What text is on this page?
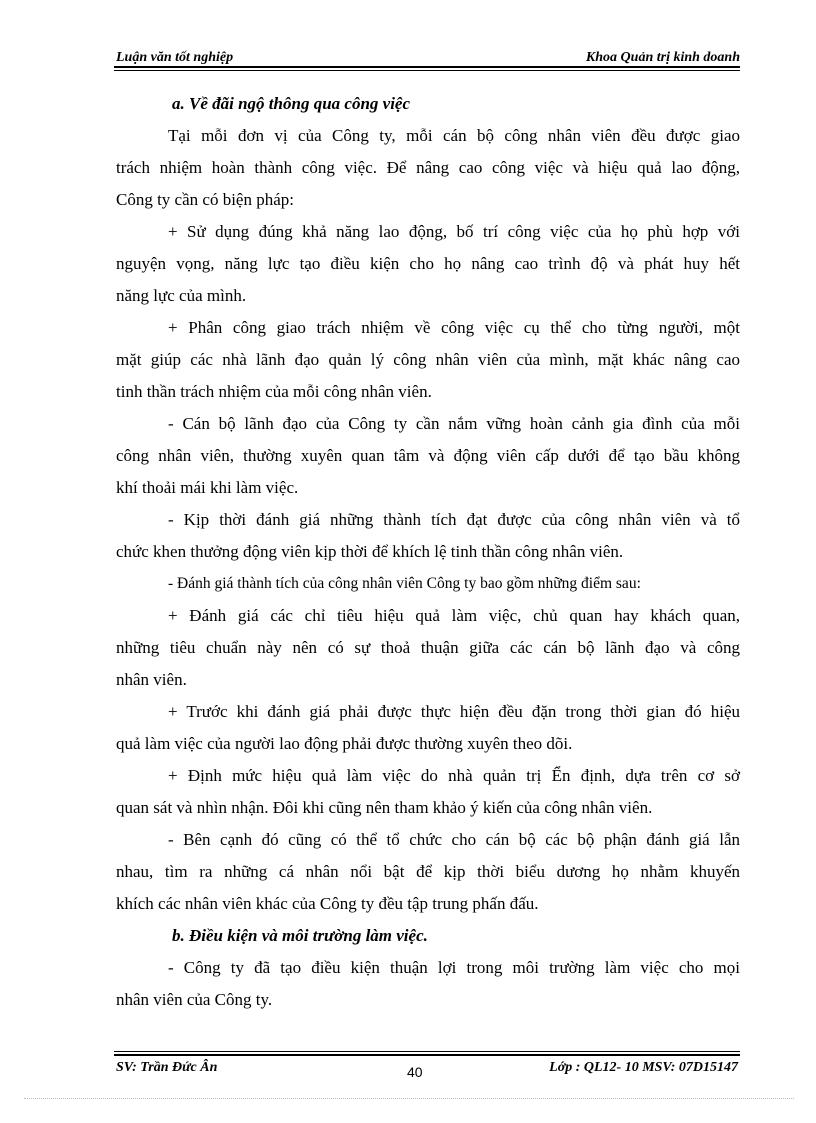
Luận văn tốt nghiệp	Khoa Quản trị kinh doanh
a. Về đãi ngộ thông qua công việc
Tại mỗi đơn vị của Công ty, mỗi cán bộ công nhân viên đều được giao
trách nhiệm hoàn thành công việc. Để nâng cao công việc và hiệu quả lao động,
Công ty cần có biện pháp:
+ Sử dụng đúng khả năng lao động, bố trí công việc của họ phù hợp với
nguyện vọng, năng lực tạo điều kiện cho họ nâng cao trình độ và phát huy hết
năng lực của mình.
+ Phân công giao trách nhiệm về công việc cụ thể cho từng người, một
mặt giúp các nhà lãnh đạo quản lý công nhân viên của mình, mặt khác nâng cao
tinh thần trách nhiệm của mỗi công nhân viên.
- Cán bộ lãnh đạo của Công ty cần nắm vững hoàn cảnh gia đình của mỗi
công nhân viên, thường xuyên quan tâm và động viên cấp dưới để tạo bầu không
khí thoải mái khi làm việc.
- Kịp thời đánh giá những thành tích đạt được của công nhân viên và tổ
chức khen thưởng động viên kịp thời để khích lệ tinh thần công nhân viên.
- Đánh giá thành tích của công nhân viên Công ty bao gồm những điểm sau:
+ Đánh giá các chỉ tiêu hiệu quả làm việc, chủ quan hay khách quan,
những tiêu chuẩn này nên có sự thoả thuận giữa các cán bộ lãnh đạo và công
nhân viên.
+ Trước khi đánh giá phải được thực hiện đều đặn trong thời gian đó hiệu
quả làm việc của người lao động phải được thường xuyên theo dõi.
+ Định mức hiệu quả làm việc do nhà quản trị Ển định, dựa trên cơ sở
quan sát và nhìn nhận. Đôi khi cũng nên tham khảo ý kiến của công nhân viên.
- Bên cạnh đó cũng có thể tổ chức cho cán bộ các bộ phận đánh giá lẫn
nhau, tìm ra những cá nhân nổi bật để kịp thời biểu dương họ nhằm khuyến
khích các nhân viên khác của Công ty đều tập trung phấn đấu.
b. Điều kiện và môi trường làm việc.
- Công ty đã tạo điều kiện thuận lợi trong môi trường làm việc cho mọi
nhân viên của Công ty.
SV: Trần Đức Ân	40	Lớp : QL12- 10 MSV: 07D15147
